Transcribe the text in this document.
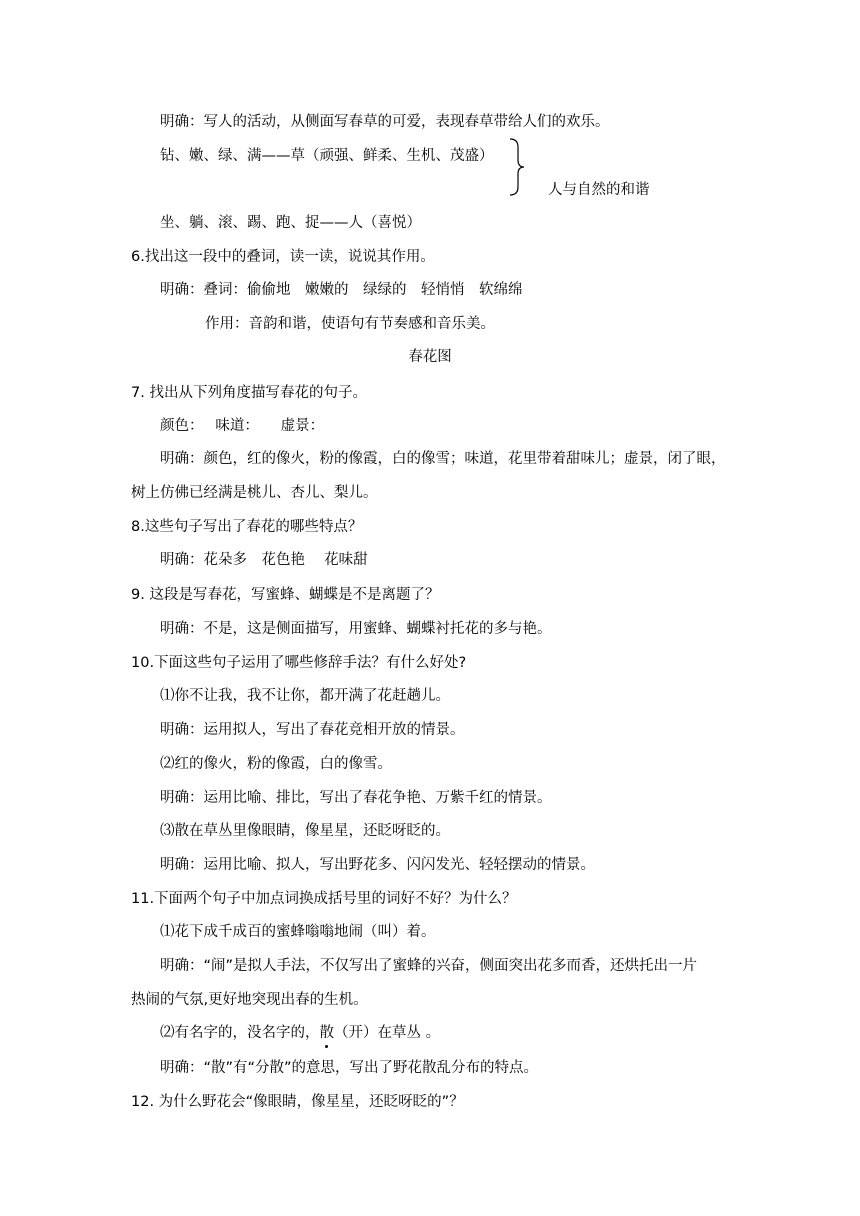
明确：写人的活动，从侧面写春草的可爱，表现春草带给人们的欢乐。
钻、嫩、绿、满——草（顽强、鲜柔、生机、茂盛）
人与自然的和谐
坐、躺、滚、踢、跑、捉——人（喜悦）
6.找出这一段中的叠词，读一读，说说其作用。
明确：叠词：偷偷地　嫩嫩的　绿绿的　轻悄悄　软绵绵
作用：音韵和谐，使语句有节奏感和音乐美。
春花图
7. 找出从下列角度描写春花的句子。
颜色：　 味道：　　虚景：
明确：颜色，红的像火，粉的像霞，白的像雪；味道，花里带着甜味儿；虚景，闭了眼，
树上仿佛已经满是桃儿、杏儿、梨儿。
8.这些句子写出了春花的哪些特点？
明确：花朵多　花色艳　 花味甜
9. 这段是写春花，写蜜蜂、蝴蝶是不是离题了？
明确：不是，这是侧面描写，用蜜蜂、蝴蝶衬托花的多与艳。
10.下面这些句子运用了哪些修辞手法？有什么好处?
⑴你不让我，我不让你，都开满了花赶趟儿。
明确：运用拟人，写出了春花竞相开放的情景。
⑵红的像火，粉的像霞，白的像雪。
明确：运用比喻、排比，写出了春花争艳、万紫千红的情景。
⑶散在草丛里像眼睛，像星星，还眨呀眨的。
明确：运用比喻、拟人，写出野花多、闪闪发光、轻轻摆动的情景。
11.下面两个句子中加点词换成括号里的词好不好？为什么？
⑴花下成千成百的蜜蜂嗡嗡地闹（叫）着。
明确：“闹”是拟人手法，不仅写出了蜜蜂的兴奋，侧面突出花多而香，还烘托出一片
热闹的气氛,更好地突现出春的生机。
⑵有名字的，没名字的，散（开）在草丛 。
明确：“散”有“分散”的意思，写出了野花散乱分布的特点。
12. 为什么野花会“像眼睛，像星星，还眨呀眨的”？
